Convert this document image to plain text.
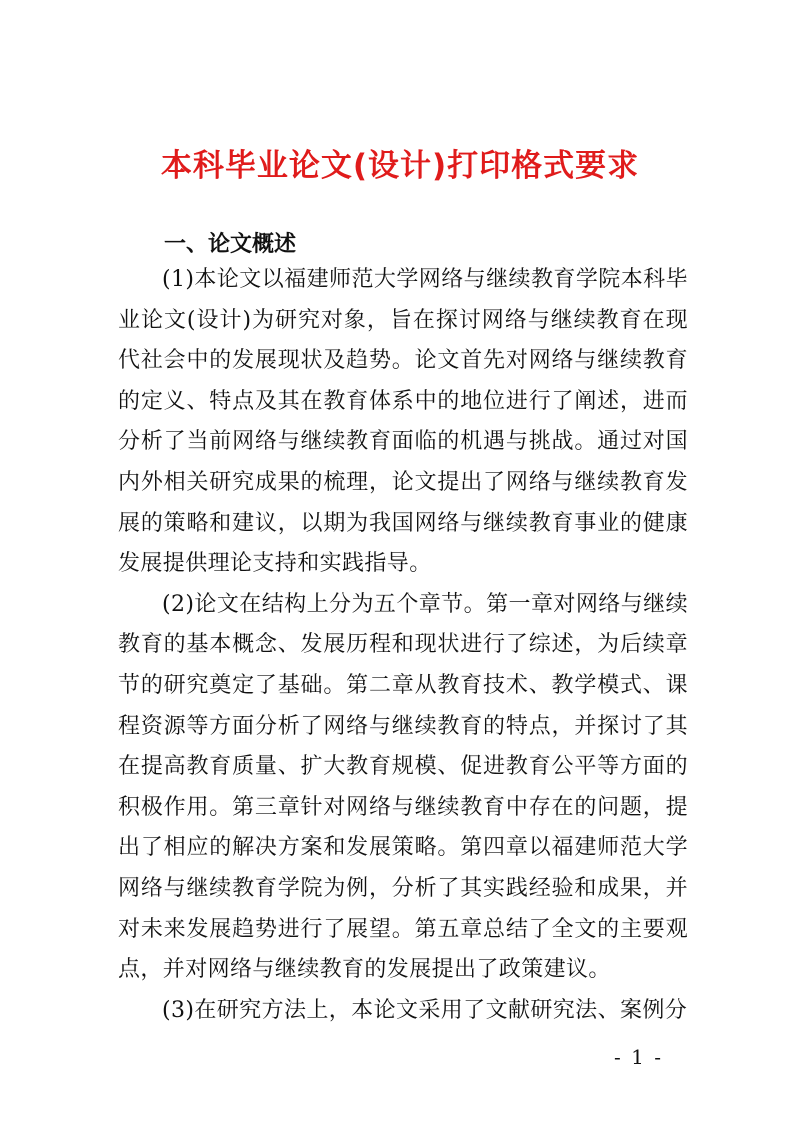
本科毕业论文(设计)打印格式要求
一、论文概述

(1)本论文以福建师范大学网络与继续教育学院本科毕业论文(设计)为研究对象，旨在探讨网络与继续教育在现代社会中的发展现状及趋势。论文首先对网络与继续教育的定义、特点及其在教育体系中的地位进行了阐述，进而分析了当前网络与继续教育面临的机遇与挑战。通过对国内外相关研究成果的梳理，论文提出了网络与继续教育发展的策略和建议，以期为我国网络与继续教育事业的健康发展提供理论支持和实践指导。

(2)论文在结构上分为五个章节。第一章对网络与继续教育的基本概念、发展历程和现状进行了综述，为后续章节的研究奠定了基础。第二章从教育技术、教学模式、课程资源等方面分析了网络与继续教育的特点，并探讨了其在提高教育质量、扩大教育规模、促进教育公平等方面的积极作用。第三章针对网络与继续教育中存在的问题，提出了相应的解决方案和发展策略。第四章以福建师范大学网络与继续教育学院为例，分析了其实践经验和成果，并对未来发展趋势进行了展望。第五章总结了全文的主要观点，并对网络与继续教育的发展提出了政策建议。

(3)在研究方法上，本论文采用了文献研究法、案例分

- 1 -
